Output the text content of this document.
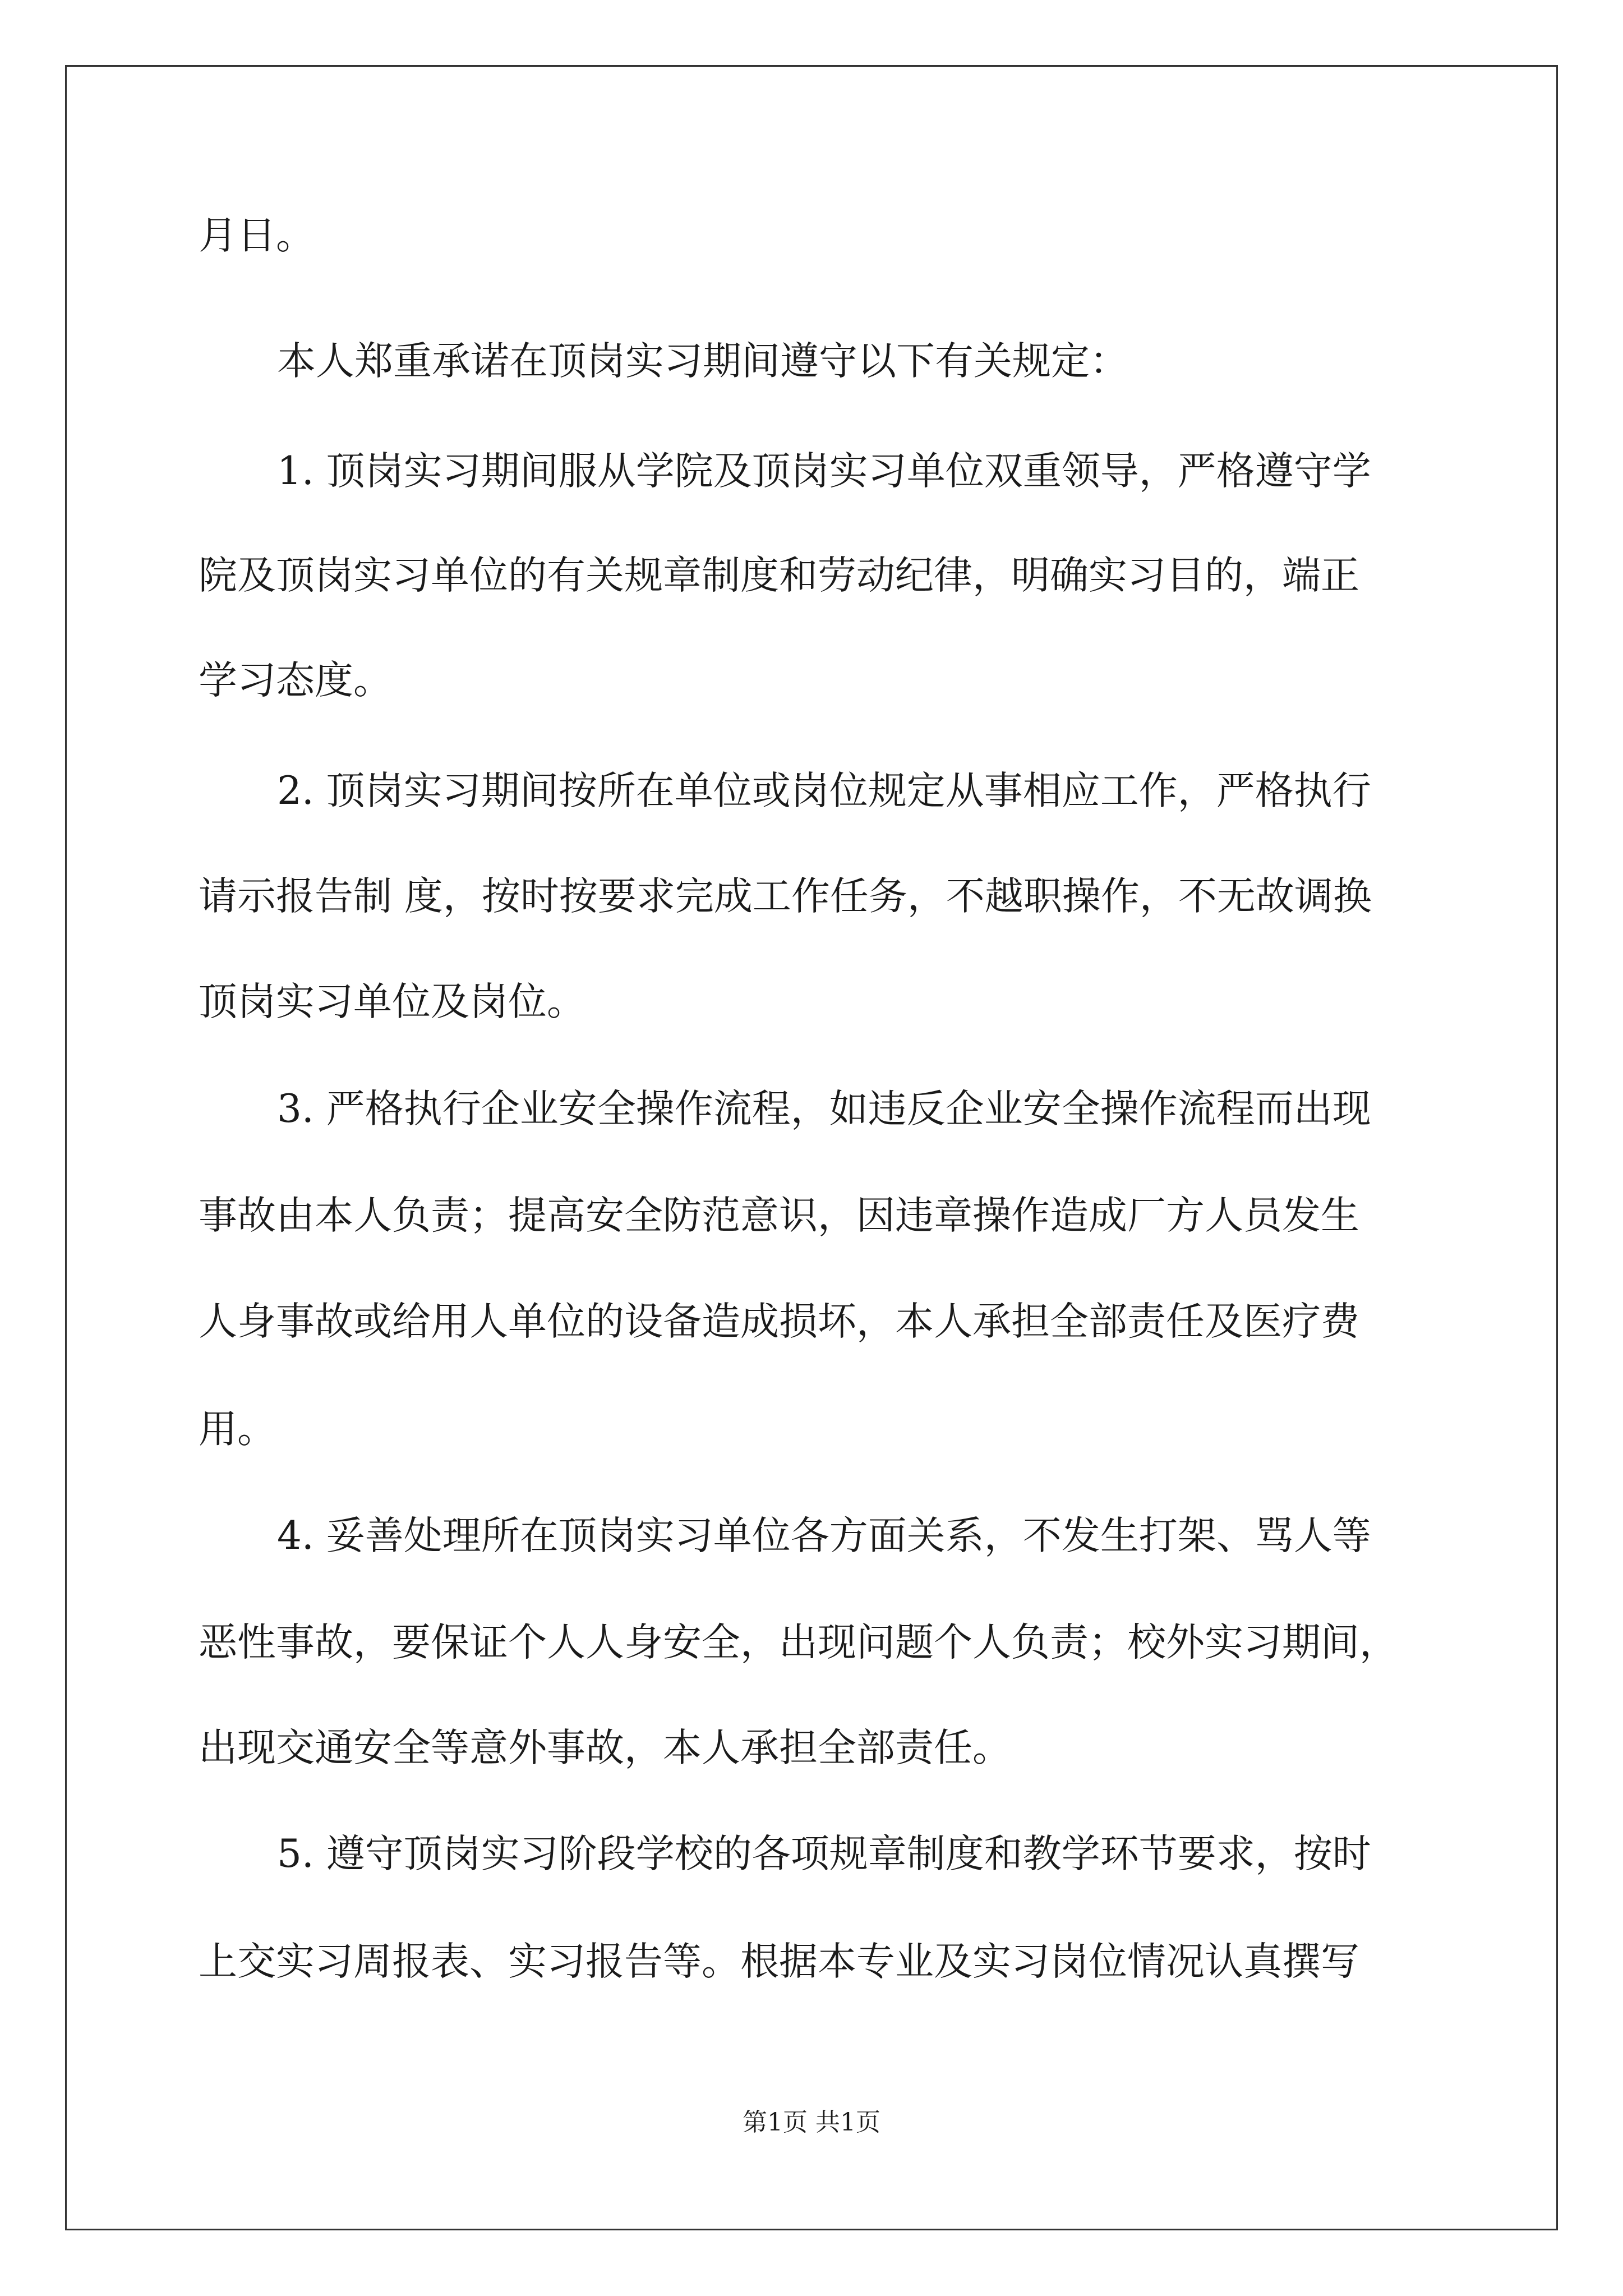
月日。
本人郑重承诺在顶岗实习期间遵守以下有关规定：
1. 顶岗实习期间服从学院及顶岗实习单位双重领导，严格遵守学
院及顶岗实习单位的有关规章制度和劳动纪律，明确实习目的，端正
学习态度。
2. 顶岗实习期间按所在单位或岗位规定从事相应工作，严格执行
请示报告制 度，按时按要求完成工作任务，不越职操作，不无故调换
顶岗实习单位及岗位。
3. 严格执行企业安全操作流程，如违反企业安全操作流程而出现
事故由本人负责；提高安全防范意识，因违章操作造成厂方人员发生
人身事故或给用人单位的设备造成损坏，本人承担全部责任及医疗费
用。
4. 妥善处理所在顶岗实习单位各方面关系，不发生打架、骂人等
恶性事故，要保证个人人身安全，出现问题个人负责；校外实习期间，
出现交通安全等意外事故，本人承担全部责任。
5. 遵守顶岗实习阶段学校的各项规章制度和教学环节要求，按时
上交实习周报表、实习报告等。根据本专业及实习岗位情况认真撰写
第1页 共1页
